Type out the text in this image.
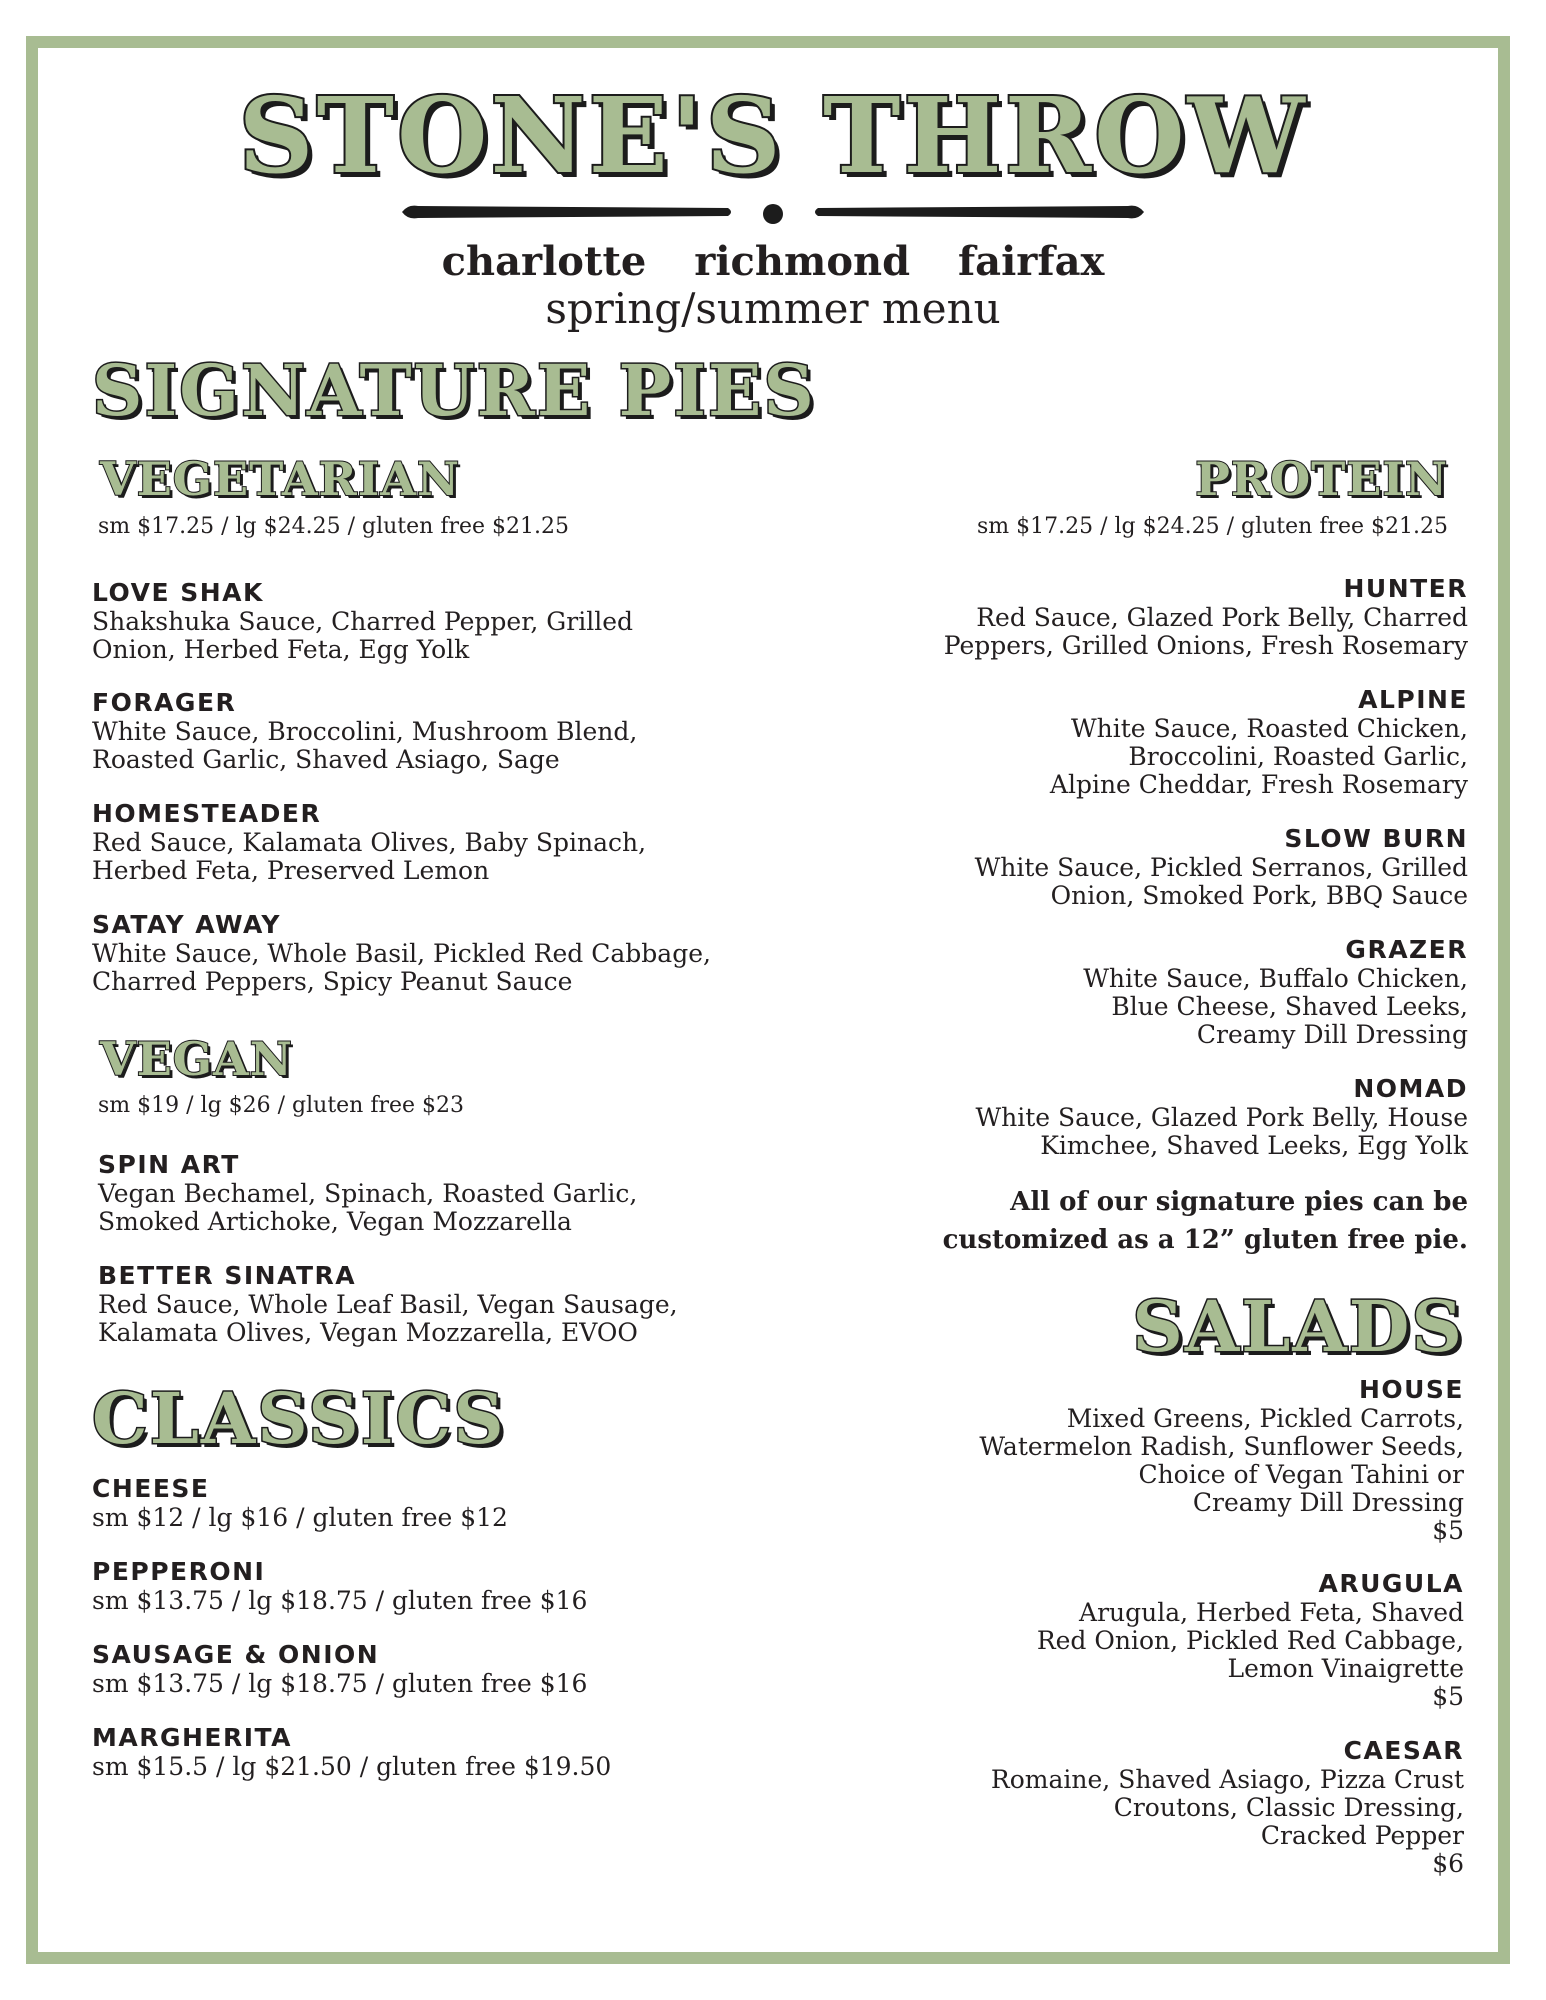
STONE'S THROW
charlotte richmond fairfax
spring/summer menu
SIGNATURE PIES
VEGETARIAN
sm $17.25 / lg $24.25 / gluten free $21.25
LOVE SHAK
Shakshuka Sauce, Charred Pepper, Grilled
Onion, Herbed Feta, Egg Yolk
FORAGER
White Sauce, Broccolini, Mushroom Blend,
Roasted Garlic, Shaved Asiago, Sage
HOMESTEADER
Red Sauce, Kalamata Olives, Baby Spinach,
Herbed Feta, Preserved Lemon
SATAY AWAY
White Sauce, Whole Basil, Pickled Red Cabbage,
Charred Peppers, Spicy Peanut Sauce
VEGAN
sm $19 / lg $26 / gluten free $23
SPIN ART
Vegan Bechamel, Spinach, Roasted Garlic,
Smoked Artichoke, Vegan Mozzarella
BETTER SINATRA
Red Sauce, Whole Leaf Basil, Vegan Sausage,
Kalamata Olives, Vegan Mozzarella, EVOO
CLASSICS
CHEESE
sm $12 / lg $16 / gluten free $12
PEPPERONI
sm $13.75 / lg $18.75 / gluten free $16
SAUSAGE & ONION
sm $13.75 / lg $18.75 / gluten free $16
MARGHERITA
sm $15.5 / lg $21.50 / gluten free $19.50
PROTEIN
sm $17.25 / lg $24.25 / gluten free $21.25
HUNTER
Red Sauce, Glazed Pork Belly, Charred
Peppers, Grilled Onions, Fresh Rosemary
ALPINE
White Sauce, Roasted Chicken,
Broccolini, Roasted Garlic,
Alpine Cheddar, Fresh Rosemary
SLOW BURN
White Sauce, Pickled Serranos, Grilled
Onion, Smoked Pork, BBQ Sauce
GRAZER
White Sauce, Buffalo Chicken,
Blue Cheese, Shaved Leeks,
Creamy Dill Dressing
NOMAD
White Sauce, Glazed Pork Belly, House
Kimchee, Shaved Leeks, Egg Yolk
All of our signature pies can be
customized as a 12” gluten free pie.
SALADS
HOUSE
Mixed Greens, Pickled Carrots,
Watermelon Radish, Sunflower Seeds,
Choice of Vegan Tahini or
Creamy Dill Dressing
$5
ARUGULA
Arugula, Herbed Feta, Shaved
Red Onion, Pickled Red Cabbage,
Lemon Vinaigrette
$5
CAESAR
Romaine, Shaved Asiago, Pizza Crust
Croutons, Classic Dressing,
Cracked Pepper
$6
